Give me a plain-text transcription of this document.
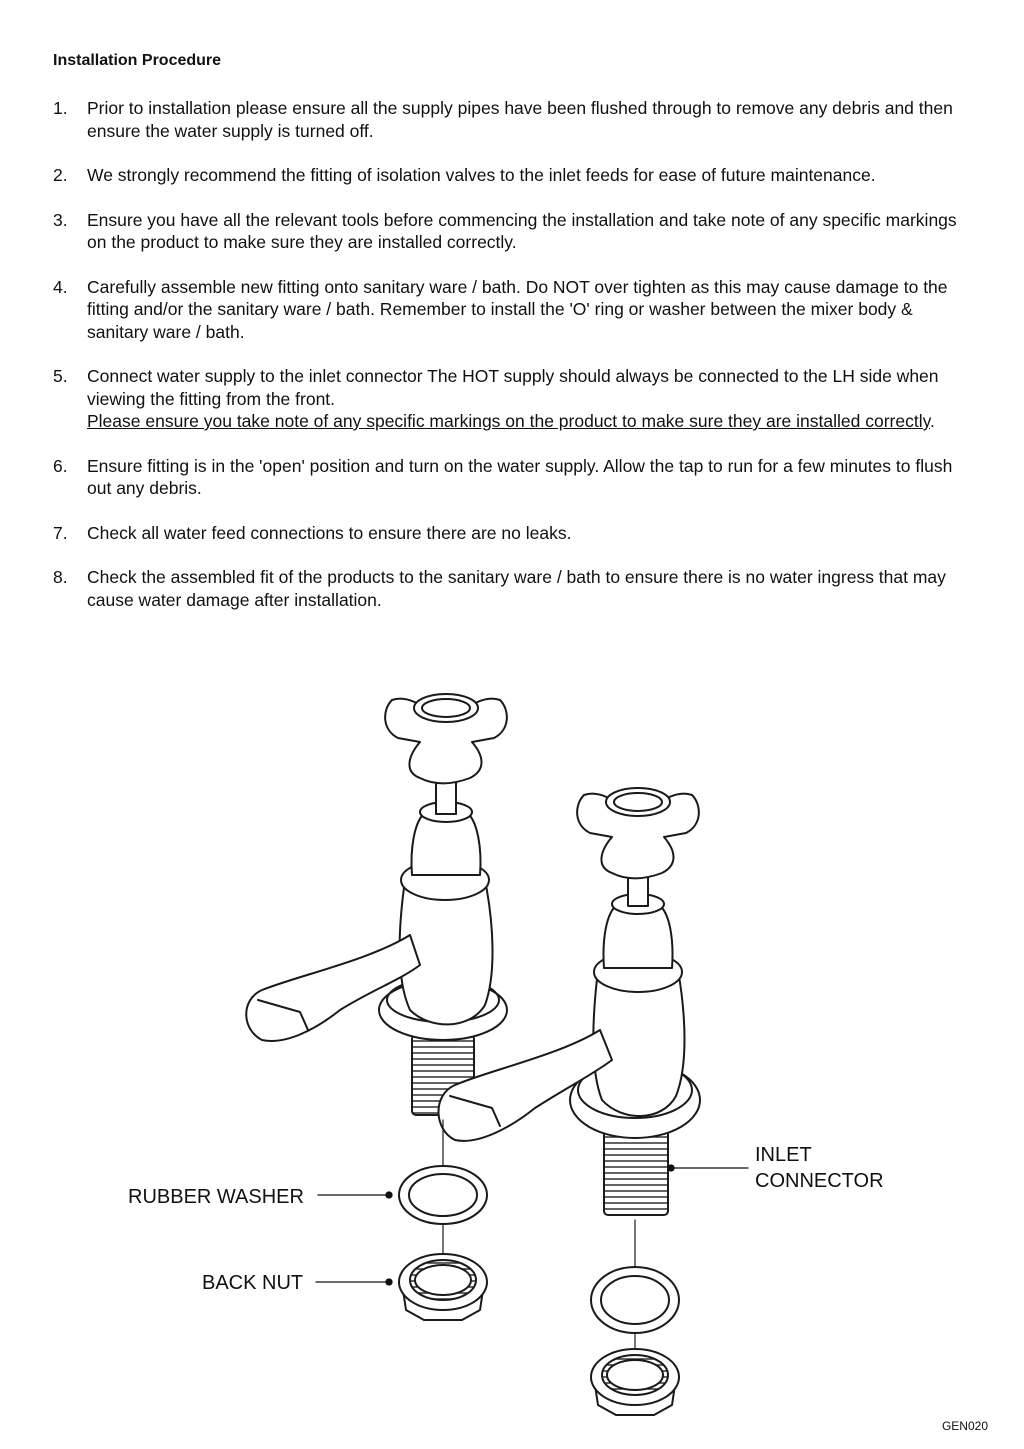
Installation Procedure
1. Prior to installation please ensure all the supply pipes have been flushed through to remove any debris and then ensure the water supply is turned off.
2. We strongly recommend the fitting of isolation valves to the inlet feeds for ease of future maintenance.
3. Ensure you have all the relevant tools before commencing the installation and take note of any specific markings on the product to make sure they are installed correctly.
4. Carefully assemble new fitting onto sanitary ware / bath. Do NOT over tighten as this may cause damage to the fitting and/or the sanitary ware / bath. Remember to install the 'O' ring or washer between the mixer body & sanitary ware / bath.
5. Connect water supply to the inlet connector The HOT supply should always be connected to the LH side when viewing the fitting from the front.
Please ensure you take note of any specific markings on the product to make sure they are installed correctly.
6. Ensure fitting is in the 'open' position and turn on the water supply. Allow the tap to run for a few minutes to flush out any debris.
7. Check all water feed connections to ensure there are no leaks.
8. Check the assembled fit of the products to the sanitary ware / bath to ensure there is no water ingress that may cause water damage after installation.
INLET
CONNECTOR
RUBBER WASHER
BACK NUT
GEN020
